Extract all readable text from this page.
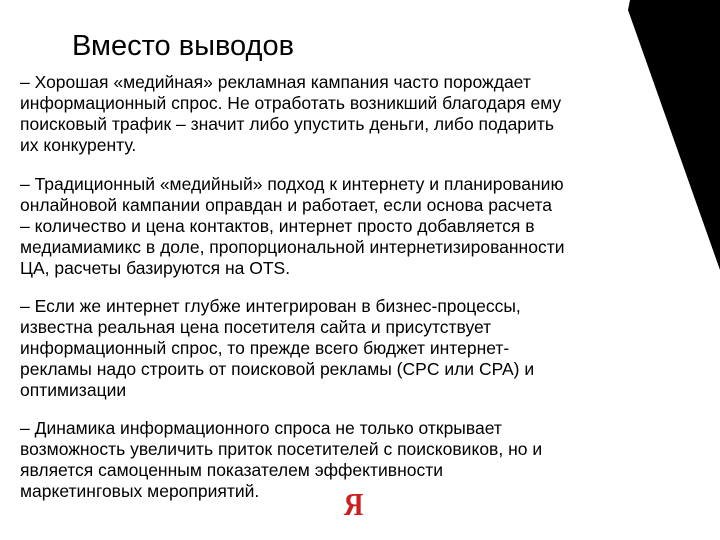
Вместо выводов

– Хорошая «медийная» рекламная кампания часто порождает
информационный спрос. Не отработать возникший благодаря ему
поисковый трафик – значит либо упустить деньги, либо подарить
их конкуренту.

– Традиционный «медийный» подход к интернету и планированию
онлайновой кампании оправдан и работает, если основа расчета
– количество и цена контактов, интернет просто добавляется в
медиамиамикс в доле, пропорциональной интернетизированности
ЦА, расчеты базируются на OTS.

– Если же интернет глубже интегрирован в бизнес-процессы,
известна реальная цена посетителя сайта и присутствует
информационный спрос, то прежде всего бюджет интернет-
рекламы надо строить от поисковой рекламы (CPC или CPA) и
оптимизации

– Динамика информационного спроса не только открывает
возможность увеличить приток посетителей с поисковиков, но и
является самоценным показателем эффективности
маркетинговых мероприятий.	Я
